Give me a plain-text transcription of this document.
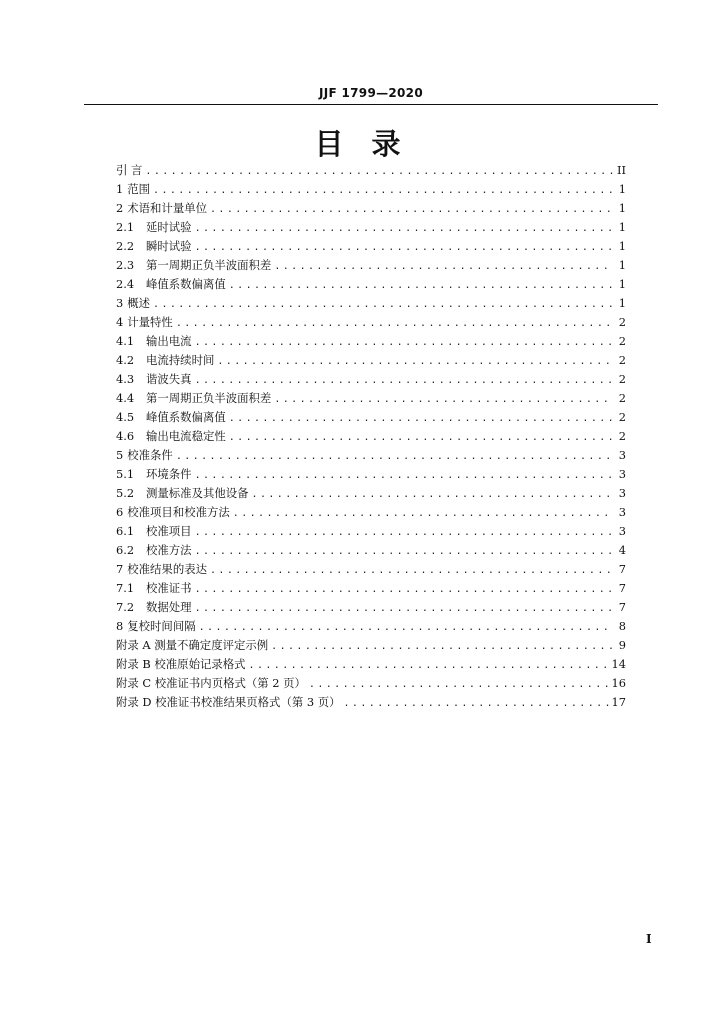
JJF 1799—2020
目 录
引 言 .....	II
1 范围 .....	1
2 术语和计量单位 .....	1
2.1 延时试验 .....	1
2.2 瞬时试验 .....	1
2.3 第一周期正负半波面积差 .....	1
2.4 峰值系数偏离值 .....	1
3 概述 .....	1
4 计量特性 .....	2
4.1 输出电流 .....	2
4.2 电流持续时间 .....	2
4.3 谐波失真 .....	2
4.4 第一周期正负半波面积差 .....	2
4.5 峰值系数偏离值 .....	2
4.6 输出电流稳定性 .....	2
5 校准条件 .....	3
5.1 环境条件 .....	3
5.2 测量标准及其他设备 .....	3
6 校准项目和校准方法 .....	3
6.1 校准项目 .....	3
6.2 校准方法 .....	4
7 校准结果的表达 .....	7
7.1 校准证书 .....	7
7.2 数据处理 .....	7
8 复校时间间隔 .....	8
附录 A 测量不确定度评定示例 .....	9
附录 B 校准原始记录格式 .....	14
附录 C 校准证书内页格式（第 2 页） .....	16
附录 D 校准证书校准结果页格式（第 3 页） .....	17
I
